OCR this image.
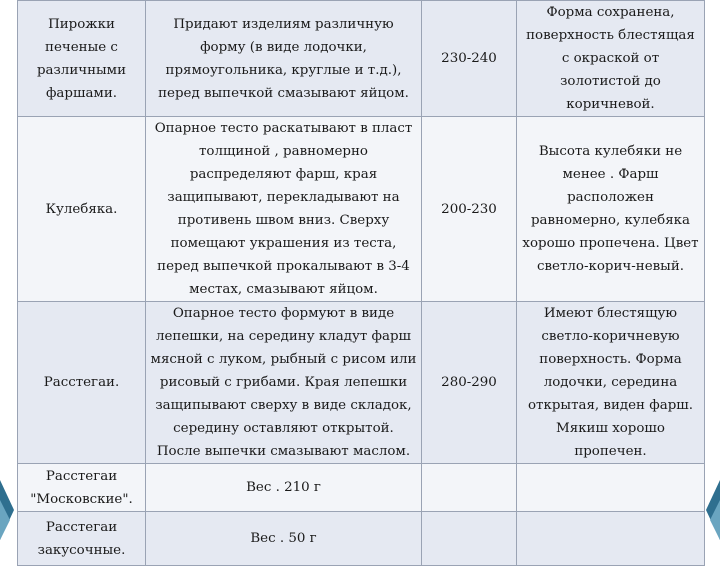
Пирожки печеные с различными фаршами.	Придают изделиям различную форму (в виде лодочки, прямоугольника, круглые и т.д.), перед выпечкой смазывают яйцом.	230-240	Форма сохранена, поверхность блестящая с окраской от золотистой до коричневой.

Кулебяка.	Опарное тесто раскатывают в пласт толщиной , равномерно распределяют фарш, края защипывают, перекладывают на противень швом вниз. Сверху помещают украшения из теста, перед выпечкой прокалывают в 3-4 местах, смазывают яйцом.	200-230	Высота кулебяки не менее . Фарш расположен равномерно, кулебяка хорошо пропечена. Цвет светло-корич-невый.

Расстегаи.	Опарное тесто формуют в виде лепешки, на середину кладут фарш мясной с луком, рыбный с рисом или рисовый с грибами. Края лепешки защипывают сверху в виде складок, середину оставляют открытой. После выпечки смазывают маслом.	280-290	Имеют блестящую светло-коричневую поверхность. Форма лодочки, середина открытая, виден фарш. Мякиш хорошо пропечен.

Расстегаи "Московские".	Вес . 210 г		

Расстегаи закусочные.	Вес . 50 г		
